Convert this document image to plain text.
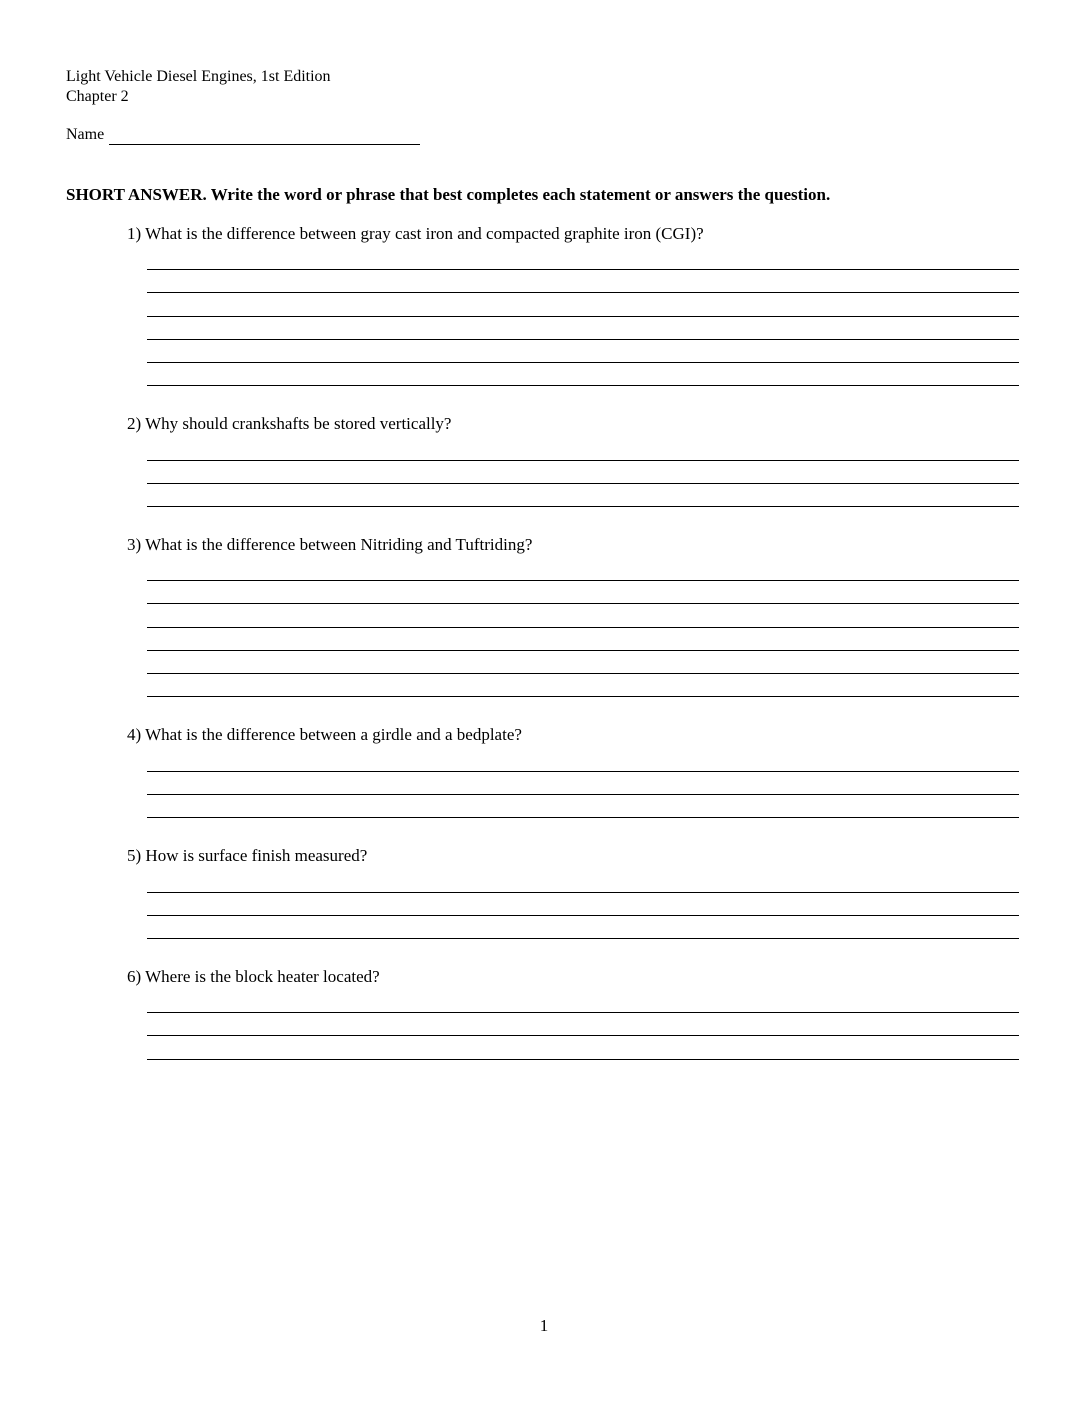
Light Vehicle Diesel Engines, 1st Edition
Chapter 2
Name
SHORT ANSWER. Write the word or phrase that best completes each statement or answers the question.
1) What is the difference between gray cast iron and compacted graphite iron (CGI)?
2) Why should crankshafts be stored vertically?
3) What is the difference between Nitriding and Tuftriding?
4) What is the difference between a girdle and a bedplate?
5) How is surface finish measured?
6) Where is the block heater located?
1
